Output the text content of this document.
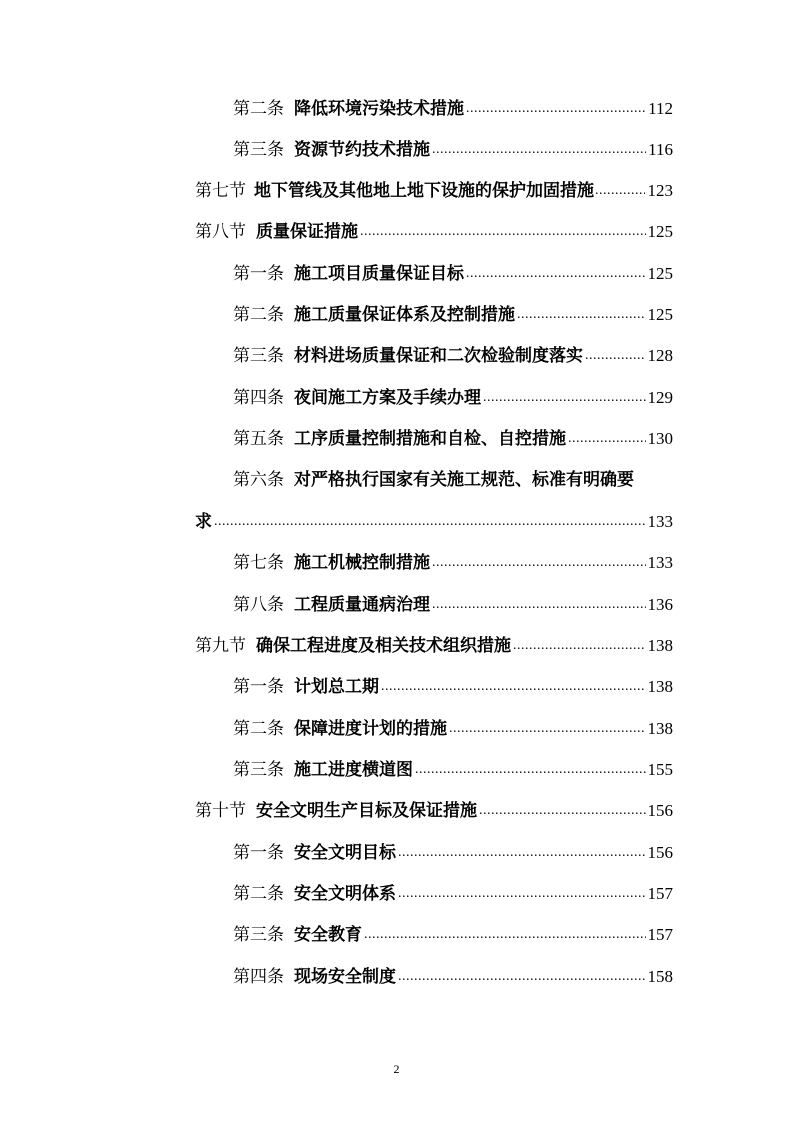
第二条 降低环境污染技术措施 .....	112
第三条 资源节约技术措施 .....	116
第七节 地下管线及其他地上地下设施的保护加固措施 .....	123
第八节 质量保证措施 .....	125
第一条 施工项目质量保证目标 .....	125
第二条 施工质量保证体系及控制措施 .....	125
第三条 材料进场质量保证和二次检验制度落实 .....	128
第四条 夜间施工方案及手续办理 .....	129
第五条 工序质量控制措施和自检、自控措施 .....	130
第六条 对严格执行国家有关施工规范、标准有明确要
求 .....	133
第七条 施工机械控制措施 .....	133
第八条 工程质量通病治理 .....	136
第九节 确保工程进度及相关技术组织措施 .....	138
第一条 计划总工期 .....	138
第二条 保障进度计划的措施 .....	138
第三条 施工进度横道图 .....	155
第十节 安全文明生产目标及保证措施 .....	156
第一条 安全文明目标 .....	156
第二条 安全文明体系 .....	157
第三条 安全教育 .....	157
第四条 现场安全制度 .....	158
2
